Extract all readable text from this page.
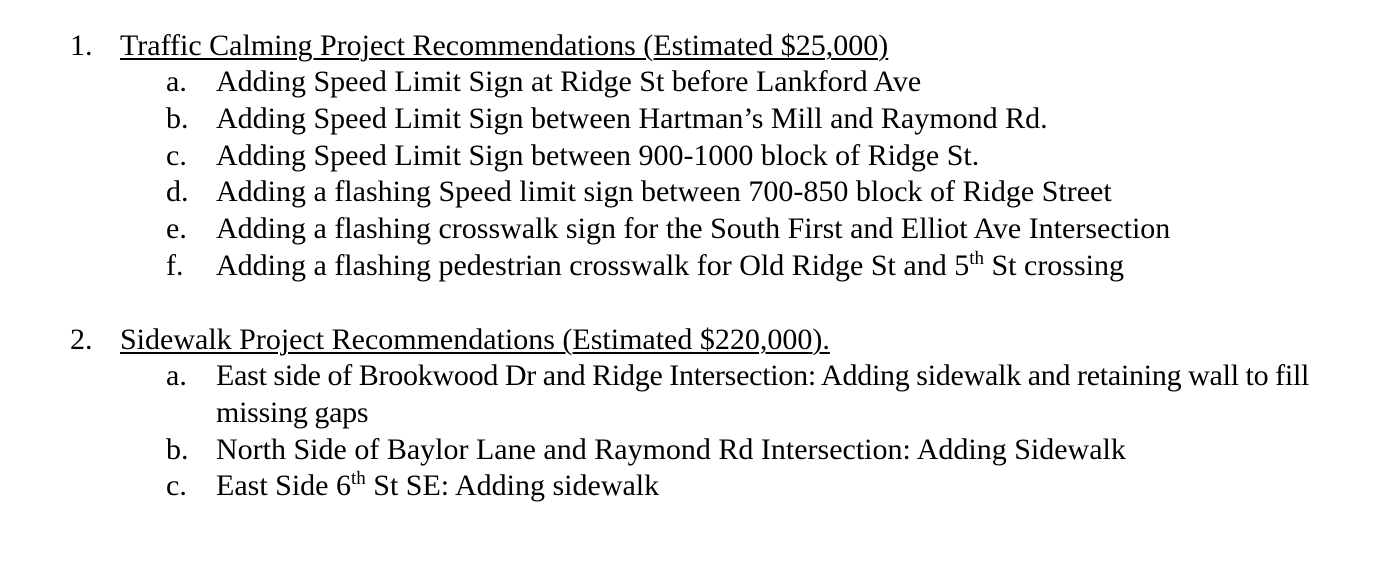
1. Traffic Calming Project Recommendations (Estimated $25,000)
a. Adding Speed Limit Sign at Ridge St before Lankford Ave
b. Adding Speed Limit Sign between Hartman’s Mill and Raymond Rd.
c. Adding Speed Limit Sign between 900-1000 block of Ridge St.
d. Adding a flashing Speed limit sign between 700-850 block of Ridge Street
e. Adding a flashing crosswalk sign for the South First and Elliot Ave Intersection
f. Adding a flashing pedestrian crosswalk for Old Ridge St and 5th St crossing
2. Sidewalk Project Recommendations (Estimated $220,000).
a. East side of Brookwood Dr and Ridge Intersection: Adding sidewalk and retaining wall to fill missing gaps
b. North Side of Baylor Lane and Raymond Rd Intersection: Adding Sidewalk
c. East Side 6th St SE: Adding sidewalk
